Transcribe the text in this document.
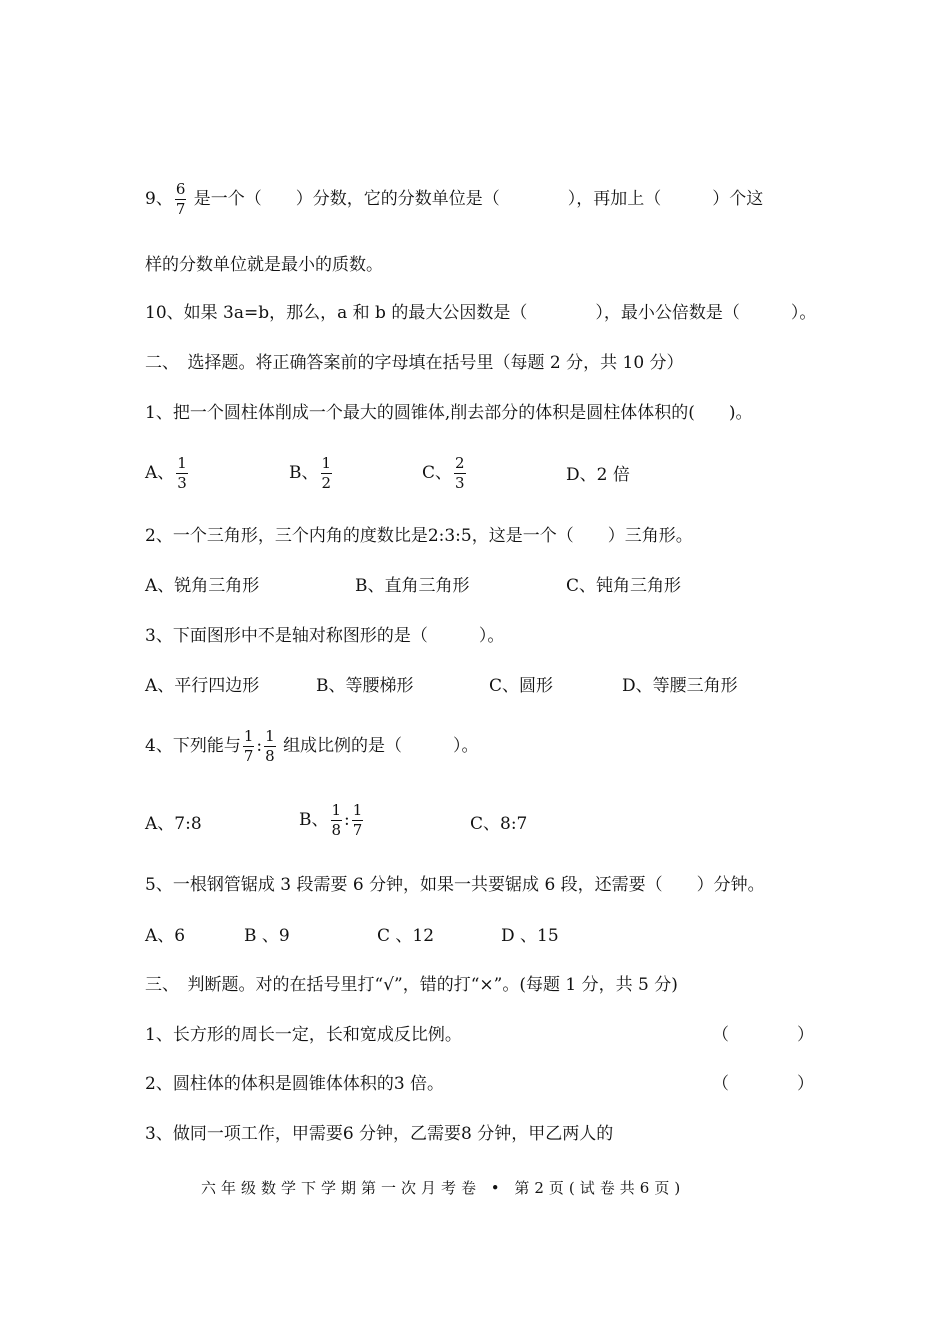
9、 $\frac{6}{7}$ 是一个（　　）分数，它的分数单位是（　　　　），再加上（　　　）个这
样的分数单位就是最小的质数。
10、如果 3a=b，那么，a 和 b 的最大公因数是（　　　　），最小公倍数是（　　　）。
二、　选择题。将正确答案前的字母填在括号里（每题 2 分，共 10 分）
1、把一个圆柱体削成一个最大的圆锥体,削去部分的体积是圆柱体体积的(　　)。
A、 $\frac{1}{3}$	B、 $\frac{1}{2}$	C、 $\frac{2}{3}$	D、2 倍
2、一个三角形，三个内角的度数比是2:3:5，这是一个（　　）三角形。
A、锐角三角形	B、直角三角形	C、钝角三角形
3、下面图形中不是轴对称图形的是（　　　）。
A、平行四边形	B、等腰梯形	C、圆形	D、等腰三角形
4、下列能与 $\frac{1}{7}$ : $\frac{1}{8}$ 组成比例的是（　　　）。
A、7:8	B、 $\frac{1}{8}$ : $\frac{1}{7}$	C、8:7
5、一根钢管锯成 3 段需要 6 分钟，如果一共要锯成 6 段，还需要（　　）分钟。
A、6	B 、9	C 、12	D 、15
三、　判断题。对的在括号里打“√”，错的打“×”。(每题 1 分，共 5 分)
1、长方形的周长一定，长和宽成反比例。	（　　　　）
2、圆柱体的体积是圆锥体体积的3 倍。	（　　　　）
3、做同一项工作，甲需要6 分钟，乙需要8 分钟，甲乙两人的
六年级数学下学期第一次月考卷 • 第2页(试卷共6页)
